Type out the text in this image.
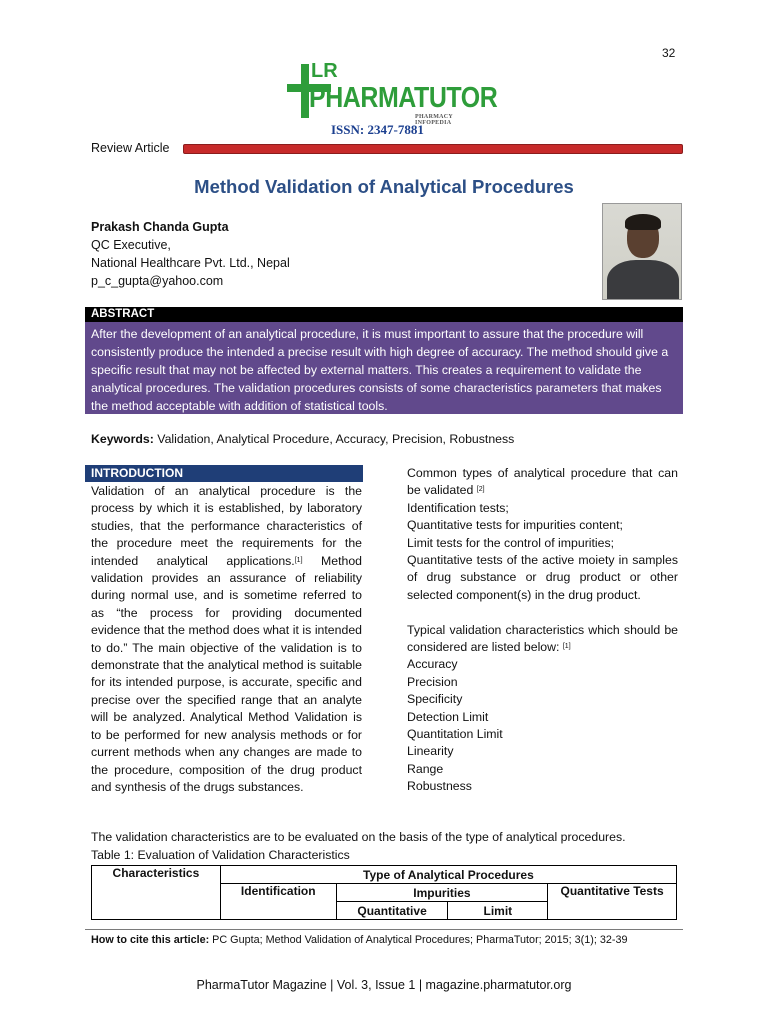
32
LR
PHARMATUTOR
PHARMACY INFOPEDIA
ISSN: 2347-7881
Review Article
Method Validation of Analytical Procedures
Prakash Chanda Gupta
QC Executive,
National Healthcare Pvt. Ltd., Nepal
p_c_gupta@yahoo.com
ABSTRACT
After the development of an analytical procedure, it is must important to assure that the procedure will consistently produce the intended a precise result with high degree of accuracy. The method should give a specific result that may not be affected by external matters. This creates a requirement to validate the analytical procedures. The validation procedures consists of some characteristics parameters that makes the method acceptable with addition of statistical tools.
Keywords: Validation, Analytical Procedure, Accuracy, Precision, Robustness
INTRODUCTION
Validation of an analytical procedure is the process by which it is established, by laboratory studies, that the performance characteristics of the procedure meet the requirements for the intended analytical applications.[1] Method validation provides an assurance of reliability during normal use, and is sometime referred to as “the process for providing documented evidence that the method does what it is intended to do.” The main objective of the validation is to demonstrate that the analytical method is suitable for its intended purpose, is accurate, specific and precise over the specified range that an analyte will be analyzed. Analytical Method Validation is to be performed for new analysis methods or for current methods when any changes are made to the procedure, composition of the drug product and synthesis of the drugs substances.

Common types of analytical procedure that can be validated [2]

Identification tests;

Quantitative tests for impurities content;

Limit tests for the control of impurities;

Quantitative tests of the active moiety in samples of drug substance or drug product or other selected component(s) in the drug product.

Typical validation characteristics which should be considered are listed below: [1]

Accuracy

Precision

Specificity

Detection Limit

Quantitation Limit

Linearity

Range

Robustness

The validation characteristics are to be evaluated on the basis of the type of analytical procedures.
Table 1: Evaluation of Validation Characteristics
Characteristics	Type of Analytical Procedures			
	Identification	Impurities		Quantitative Tests
		Quantitative	Limit	
How to cite this article: PC Gupta; Method Validation of Analytical Procedures; PharmaTutor; 2015; 3(1); 32-39
PharmaTutor Magazine | Vol. 3, Issue 1 | magazine.pharmatutor.org
